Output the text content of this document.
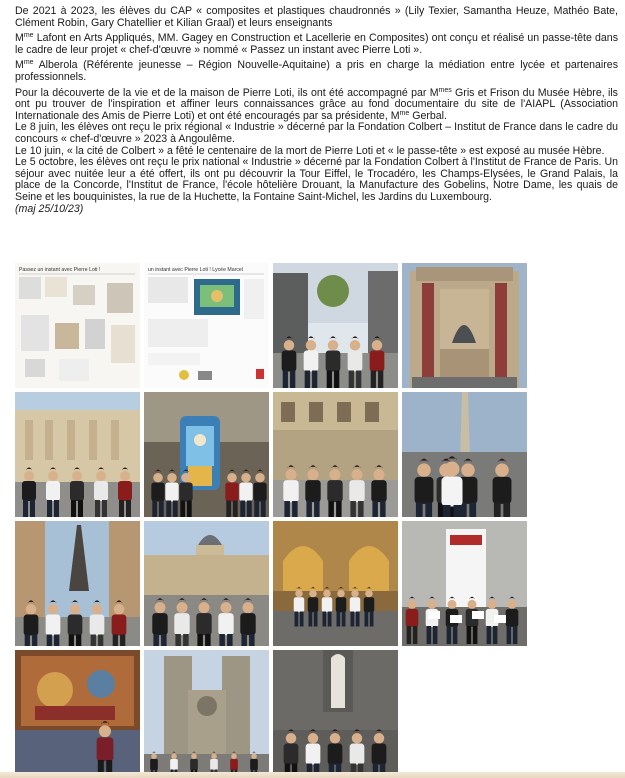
De 2021 à 2023, les élèves du CAP « composites et plastiques chaudronnés » (Lily Texier, Samantha Heuze, Mathéo Bate, Clément Robin, Gary Chatellier et Kilian Graal) et leurs enseignants

$M^{me}$ Lafont en Arts Appliqués, MM. Gagey en Construction et Lacellerie en Composites) ont conçu et réalisé un passe-tête dans le cadre de leur projet « chef-d'œuvre » nommé « Passez un instant avec Pierre Loti ».

$M^{me}$ Alberola (Référente jeunesse – Région Nouvelle-Aquitaine) a pris en charge la médiation entre lycée et partenaires professionnels.

Pour la découverte de la vie et de la maison de Pierre Loti, ils ont été accompagné par $M^{mes}$ Gris et Frison du Musée Hèbre, ils ont pu trouver de l'inspiration et affiner leurs connaissances grâce au fond documentaire du site de l'AIAPL (Association Internationale des Amis de Pierre Loti) et ont été encouragés par sa présidente, $M^{me}$ Gerbal.

Le 8 juin, les élèves ont reçu le prix régional « Industrie » décerné par la Fondation Colbert – Institut de France dans le cadre du concours « chef-d'œuvre » 2023 à Angoulême.

Le 10 juin, « la cité de Colbert » a fêté le centenaire de la mort de Pierre Loti et « le passe-tête » est exposé au musée Hèbre.

Le 5 octobre, les élèves ont reçu le prix national « Industrie » décerné par la Fondation Colbert à l'Institut de France de Paris. Un séjour avec nuitée leur a été offert, ils ont pu découvrir la Tour Eiffel, le Trocadéro, les Champs-Elysées, le Grand Palais, la place de la Concorde, l'Institut de France, l'école hôtelière Drouant, la Manufacture des Gobelins, Notre Dame, les quais de Seine et les bouquinistes, la rue de la Huchette, la Fontaine Saint-Michel, les Jardins du Luxembourg.

(maj 25/10/23)

Passez un instant avec Pierre Loti !	un instant avec Pierre Loti ! Lycée Marcel
